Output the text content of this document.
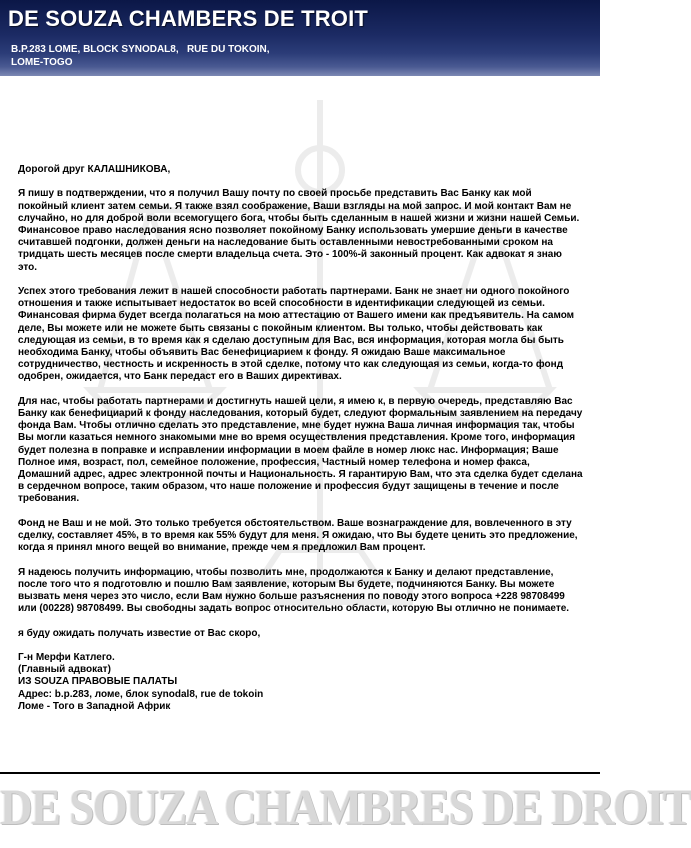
DE SOUZA CHAMBERS DE TROIT
B.P.283 LOME, BLOCK SYNODAL8,   RUE DU TOKOIN,
LOME-TOGO

Дорогой друг КАЛАШНИКОВА,

Я пишу в подтверждении, что я получил Вашу почту по своей просьбе представить Вас Банку как мой покойный клиент затем семьи. Я также взял соображение, Ваши взгляды на мой запрос. И мой контакт Вам не случайно, но для доброй воли всемогущего бога, чтобы быть сделанным в нашей жизни и жизни нашей Семьи. Финансовое право наследования ясно позволяет покойному Банку использовать умершие деньги в качестве считавшей подгонки, должен деньги на наследование быть оставленными невостребованными сроком на тридцать шесть месяцев после смерти владельца счета. Это - 100%-й законный процент. Как адвокат я знаю это.

Успех этого требования лежит в нашей способности работать партнерами. Банк не знает ни одного покойного отношения и также испытывает недостаток во всей способности в идентификации следующей из семьи. Финансовая фирма будет всегда полагаться на мою аттестацию от Вашего имени как предъявитель. На самом деле, Вы можете или не можете быть связаны с покойным клиентом. Вы только, чтобы действовать как следующая из семьи, в то время как я сделаю доступным для Вас, вся информация, которая могла бы быть необходима Банку, чтобы объявить Вас бенефициарием к фонду. Я ожидаю Ваше максимальное сотрудничество, честность и искренность в этой сделке, потому что как следующая из семьи, когда-то фонд одобрен, ожидается, что Банк передаст его в Ваших директивах.

Для нас, чтобы работать партнерами и достигнуть нашей цели, я имею к, в первую очередь, представляю Вас Банку как бенефициарий к фонду наследования, который будет, следуют формальным заявлением на передачу фонда Вам. Чтобы отлично сделать это представление, мне будет нужна Ваша личная информация так, чтобы Вы могли казаться немного знакомыми мне во время осуществления представления. Кроме того, информация будет полезна в поправке и исправлении информации в моем файле в номер люкс нас. Информация; Ваше Полное имя, возраст, пол, семейное положение, профессия, Частный номер телефона и номер факса, Домашний адрес, адрес электронной почты и Национальность. Я гарантирую Вам, что эта сделка будет сделана в сердечном вопросе, таким образом, что наше положение и профессия будут защищены в течение и после требования.

Фонд не Ваш и не мой. Это только требуется обстоятельством. Ваше вознаграждение для, вовлеченного в эту сделку, составляет 45%, в то время как 55% будут для меня. Я ожидаю, что Вы будете ценить это предложение, когда я принял много вещей во внимание, прежде чем я предложил Вам процент.

Я надеюсь получить информацию, чтобы позволить мне, продолжаются к Банку и делают представление, после того что я подготовлю и пошлю Вам заявление, которым Вы будете, подчиняются Банку. Вы можете вызвать меня через это число, если Вам нужно больше разъяснения по поводу этого вопроса +228 98708499 или (00228) 98708499. Вы свободны задать вопрос относительно области, которую Вы отлично не понимаете.

я буду ожидать получать известие от Вас скоро,

Г-н Мерфи Катлего.
(Главный адвокат)
ИЗ SOUZA ПРАВОВЫЕ ПАЛАТЫ
Адрес: b.p.283, ломе, блок synodal8, rue de tokoin
Ломе - Того в Западной Африк
DE SOUZA CHAMBRES DE DROIT
